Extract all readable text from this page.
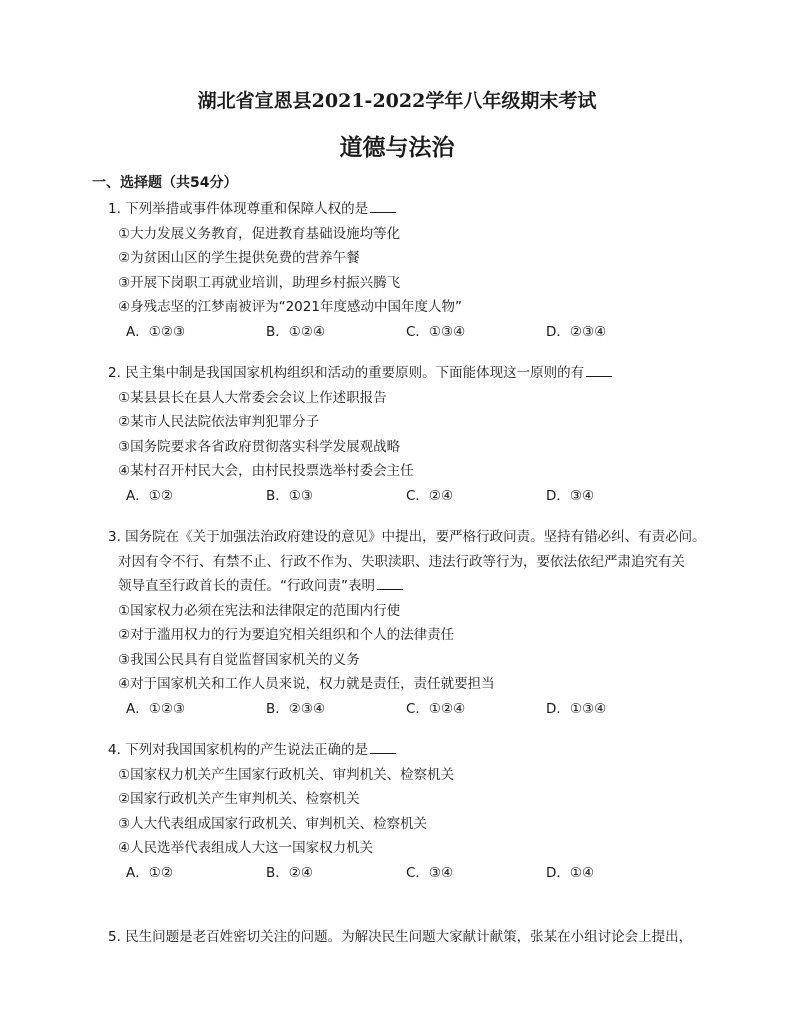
湖北省宣恩县2021-2022学年八年级期末考试
道德与法治
一、选择题（共54分）
1. 下列举措或事件体现尊重和保障人权的是
①大力发展义务教育，促进教育基础设施均等化
②为贫困山区的学生提供免费的营养午餐
③开展下岗职工再就业培训，助理乡村振兴腾飞
④身残志坚的江梦南被评为“2021年度感动中国年度人物”
A．①②③	B．①②④	C．①③④	D．②③④
2. 民主集中制是我国国家机构组织和活动的重要原则。下面能体现这一原则的有
①某县县长在县人大常委会会议上作述职报告
②某市人民法院依法审判犯罪分子
③国务院要求各省政府贯彻落实科学发展观战略
④某村召开村民大会，由村民投票选举村委会主任
A．①②	B．①③	C．②④	D．③④
3. 国务院在《关于加强法治政府建设的意见》中提出，要严格行政问责。坚持有错必纠、有责必问。
对因有令不行、有禁不止、行政不作为、失职渎职、违法行政等行为，要依法依纪严肃追究有关
领导直至行政首长的责任。“行政问责”表明
①国家权力必须在宪法和法律限定的范围内行使
②对于滥用权力的行为要追究相关组织和个人的法律责任
③我国公民具有自觉监督国家机关的义务
④对于国家机关和工作人员来说，权力就是责任，责任就要担当
A．①②③	B．②③④	C．①②④	D．①③④
4. 下列对我国国家机构的产生说法正确的是
①国家权力机关产生国家行政机关、审判机关、检察机关
②国家行政机关产生审判机关、检察机关
③人大代表组成国家行政机关、审判机关、检察机关
④人民选举代表组成人大这一国家权力机关
A．①②	B．②④	C．③④	D．①④
5. 民生问题是老百姓密切关注的问题。为解决民生问题大家献计献策，张某在小组讨论会上提出，
